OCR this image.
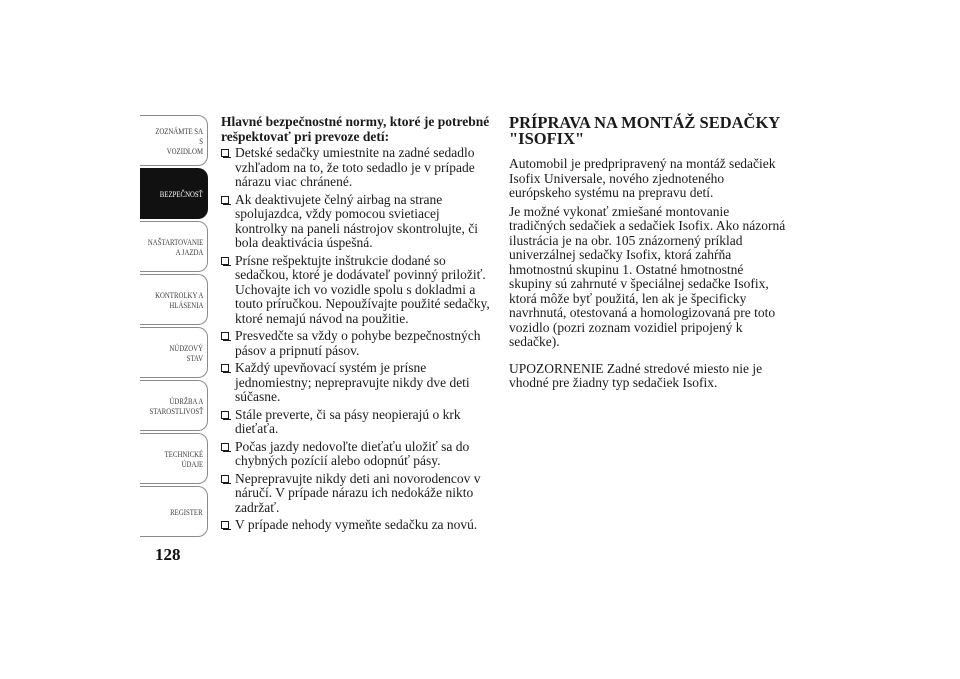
ZOZNÁMTE SA S
VOZIDLOM
BEZPEČNOSŤ
NAŠTARTOVANIE
A JAZDA
KONTROLKY A
HLÁSENIA
NÚDZOVÝ STAV
ÚDRŽBA A
STAROSTLIVOSŤ
TECHNICKÉ
ÚDAJE
REGISTER
128

Hlavné bezpečnostné normy, ktoré je potrebné rešpektovať pri prevoze detí:

Detské sedačky umiestnite na zadné sedadlo vzhľadom na to, že toto sedadlo je v prípade nárazu viac chránené.
Ak deaktivujete čelný airbag na strane spolujazdca, vždy pomocou svietiacej kontrolky na paneli nástrojov skontrolujte, či bola deaktivácia úspešná.
Prísne rešpektujte inštrukcie dodané so sedačkou, ktoré je dodávateľ povinný priložiť. Uchovajte ich vo vozidle spolu s dokladmi a touto príručkou. Nepoužívajte použité sedačky, ktoré nemajú návod na použitie.
Presvedčte sa vždy o pohybe bezpečnostných pásov a pripnutí pásov.
Každý upevňovací systém je prísne jednomiestny; neprepravujte nikdy dve deti súčasne.
Stále preverte, či sa pásy neopierajú o krk dieťaťa.
Počas jazdy nedovoľte dieťaťu uložiť sa do chybných pozícií alebo odopnúť pásy.
Neprepravujte nikdy deti ani novorodencov v náručí. V prípade nárazu ich nedokáže nikto zadržať.
V prípade nehody vymeňte sedačku za novú.
PRÍPRAVA NA MONTÁŽ SEDAČKY "ISOFIX"

Automobil je predpripravený na montáž sedačiek Isofix Universale, nového zjednoteného európskeho systému na prepravu detí.

Je možné vykonať zmiešané montovanie tradičných sedačiek a sedačiek Isofix. Ako názorná ilustrácia je na obr. 105 znázornený príklad univerzálnej sedačky Isofix, ktorá zahŕňa hmotnostnú skupinu 1. Ostatné hmotnostné skupiny sú zahrnuté v špeciálnej sedačke Isofix, ktorá môže byť použitá, len ak je špecificky navrhnutá, otestovaná a homologizovaná pre toto vozidlo (pozri zoznam vozidiel pripojený k sedačke).

UPOZORNENIE Zadné stredové miesto nie je vhodné pre žiadny typ sedačiek Isofix.
